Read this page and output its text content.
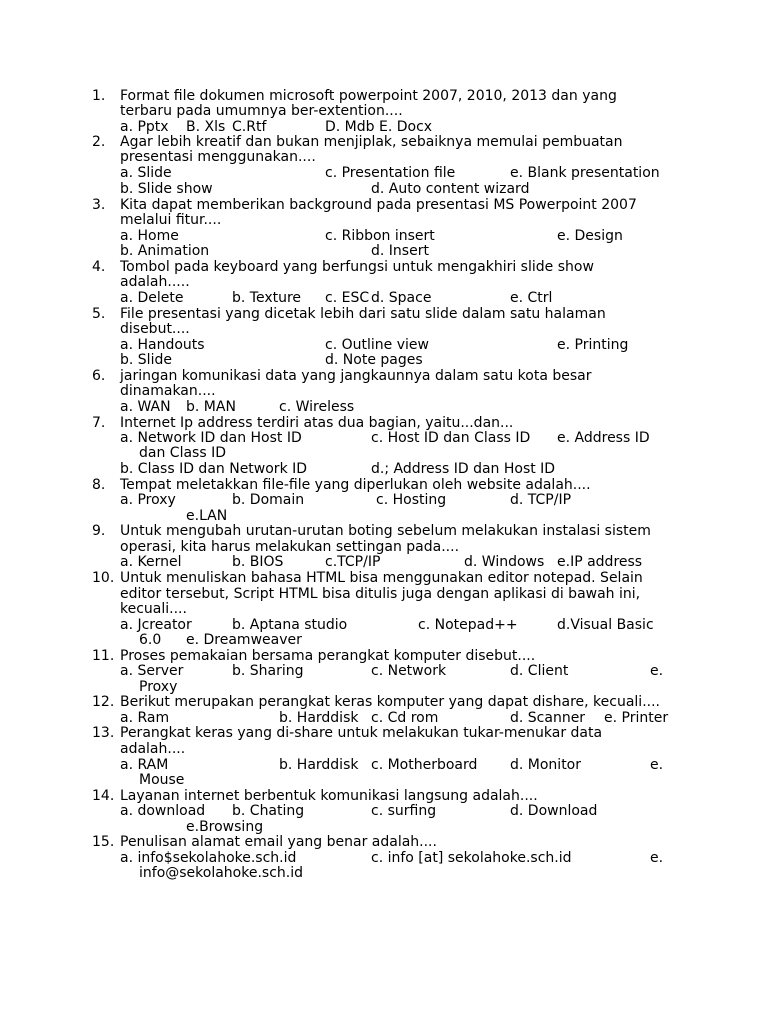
1. Format file dokumen microsoft powerpoint 2007, 2010, 2013 dan yang
terbaru pada umumnya ber-extention....
a. Pptx B. Xls C.Rtf	D. Mdb E. Docx
2. Agar lebih kreatif dan bukan menjiplak, sebaiknya memulai pembuatan
presentasi menggunakan....
a. Slide	c. Presentation file	e. Blank presentation
b. Slide show	d. Auto content wizard
3. Kita dapat memberikan background pada presentasi MS Powerpoint 2007
melalui fitur....
a. Home	c. Ribbon insert	e. Design
b. Animation	d. Insert
4. Tombol pada keyboard yang berfungsi untuk mengakhiri slide show
adalah.....
a. Delete	b. Texture c. ESC d. Space	e. Ctrl
5. File presentasi yang dicetak lebih dari satu slide dalam satu halaman
disebut....
a. Handouts	c. Outline view	e. Printing
b. Slide	d. Note pages
6. jaringan komunikasi data yang jangkaunnya dalam satu kota besar
dinamakan....
a. WAN b. MAN	c. Wireless
7. Internet Ip address terdiri atas dua bagian, yaitu...dan...
a. Network ID dan Host ID	c. Host ID dan Class ID e. Address ID
dan Class ID
b. Class ID dan Network ID	d.; Address ID dan Host ID
8. Tempat meletakkan file-file yang diperlukan oleh website adalah....
a. Proxy	b. Domain	c. Hosting	d. TCP/IP
e.LAN
9. Untuk mengubah urutan-urutan boting sebelum melakukan instalasi sistem
operasi, kita harus melakukan settingan pada....
a. Kernel	b. BIOS	c.TCP/IP	d. Windows e.IP address
10. Untuk menuliskan bahasa HTML bisa menggunakan editor notepad. Selain
editor tersebut, Script HTML bisa ditulis juga dengan aplikasi di bawah ini,
kecuali....
a. Jcreator	b. Aptana studio	c. Notepad++	d.Visual Basic
6.0 e. Dreamweaver
11. Proses pemakaian bersama perangkat komputer disebut....
a. Server	b. Sharing	c. Network	d. Client	e.
Proxy
12. Berikut merupakan perangkat keras komputer yang dapat dishare, kecuali....
a. Ram	b. Harddisk c. Cd rom	d. Scanner e. Printer
13. Perangkat keras yang di-share untuk melakukan tukar-menukar data
adalah....
a. RAM	b. Harddisk c. Motherboard d. Monitor	e.
Mouse
14. Layanan internet berbentuk komunikasi langsung adalah....
a. download b. Chating	c. surfing	d. Download
e.Browsing
15. Penulisan alamat email yang benar adalah....
a. info$sekolahoke.sch.id	c. info [at] sekolahoke.sch.id	e.
info@sekolahoke.sch.id
